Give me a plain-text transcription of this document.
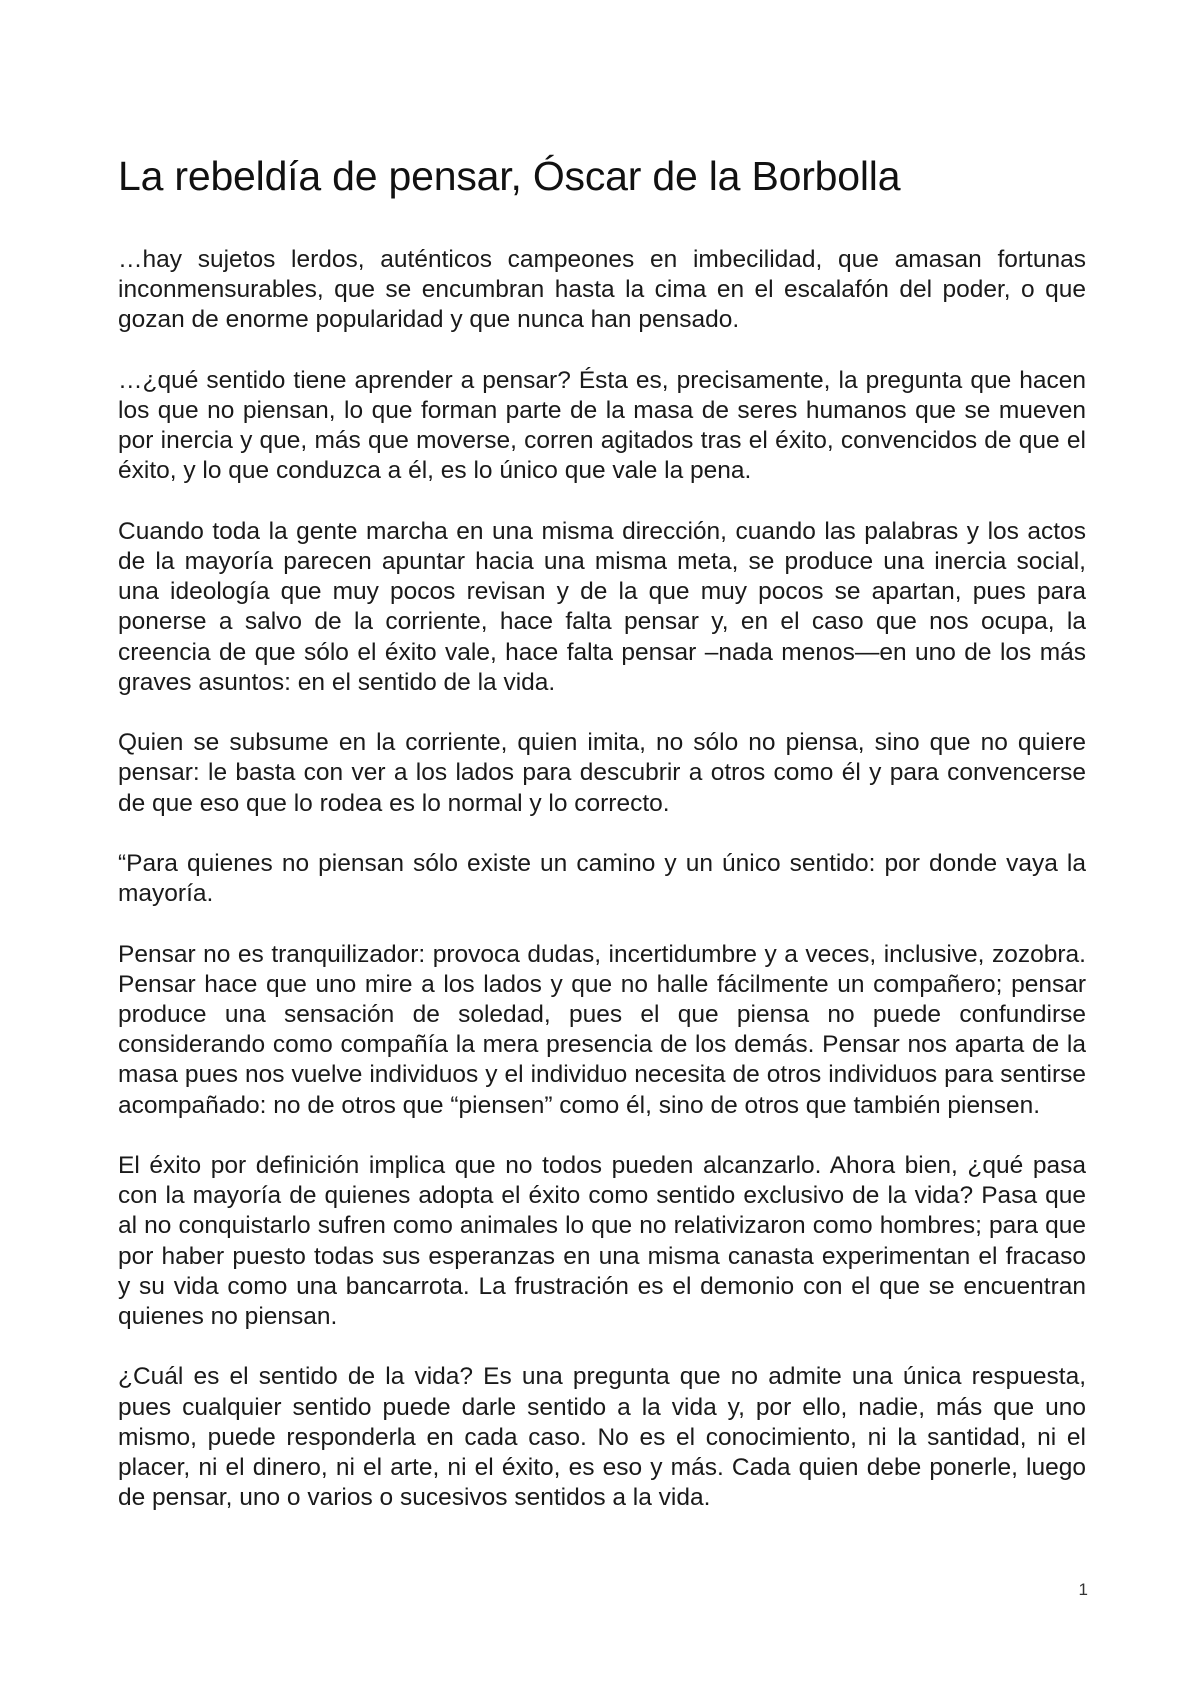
La rebeldía de pensar, Óscar de la Borbolla

…hay sujetos lerdos, auténticos campeones en imbecilidad, que amasan fortunas inconmensurables, que se encumbran hasta la cima en el escalafón del poder, o que gozan de enorme popularidad y que nunca han pensado.

…¿qué sentido tiene aprender a pensar? Ésta es, precisamente, la pregunta que hacen los que no piensan, lo que forman parte de la masa de seres humanos que se mueven por inercia y que, más que moverse, corren agitados tras el éxito, convencidos de que el éxito, y lo que conduzca a él, es lo único que vale la pena.

Cuando toda la gente marcha en una misma dirección, cuando las palabras y los actos de la mayoría parecen apuntar hacia una misma meta, se produce una inercia social, una ideología que muy pocos revisan y de la que muy pocos se apartan, pues para ponerse a salvo de la corriente, hace falta pensar y, en el caso que nos ocupa, la creencia de que sólo el éxito vale, hace falta pensar –nada menos—en uno de los más graves asuntos: en el sentido de la vida.

Quien se subsume en la corriente, quien imita, no sólo no piensa, sino que no quiere pensar: le basta con ver a los lados para descubrir a otros como él y para convencerse de que eso que lo rodea es lo normal y lo correcto.

“Para quienes no piensan sólo existe un camino y un único sentido: por donde vaya la mayoría.

Pensar no es tranquilizador: provoca dudas, incertidumbre y a veces, inclusive, zozobra. Pensar hace que uno mire a los lados y que no halle fácilmente un compañero; pensar produce una sensación de soledad, pues el que piensa no puede confundirse considerando como compañía la mera presencia de los demás. Pensar nos aparta de la masa pues nos vuelve individuos y el individuo necesita de otros individuos para sentirse acompañado: no de otros que “piensen” como él, sino de otros que también piensen.

El éxito por definición implica que no todos pueden alcanzarlo. Ahora bien, ¿qué pasa con la mayoría de quienes adopta el éxito como sentido exclusivo de la vida? Pasa que al no conquistarlo sufren como animales lo que no relativizaron como hombres; para que por haber puesto todas sus esperanzas en una misma canasta experimentan el fracaso y su vida como una bancarrota. La frustración es el demonio con el que se encuentran quienes no piensan.

¿Cuál es el sentido de la vida? Es una pregunta que no admite una única respuesta, pues cualquier sentido puede darle sentido a la vida y, por ello, nadie, más que uno mismo, puede responderla en cada caso. No es el conocimiento, ni la santidad, ni el placer, ni el dinero, ni el arte, ni el éxito, es eso y más. Cada quien debe ponerle, luego de pensar, uno o varios o sucesivos sentidos a la vida.

1
